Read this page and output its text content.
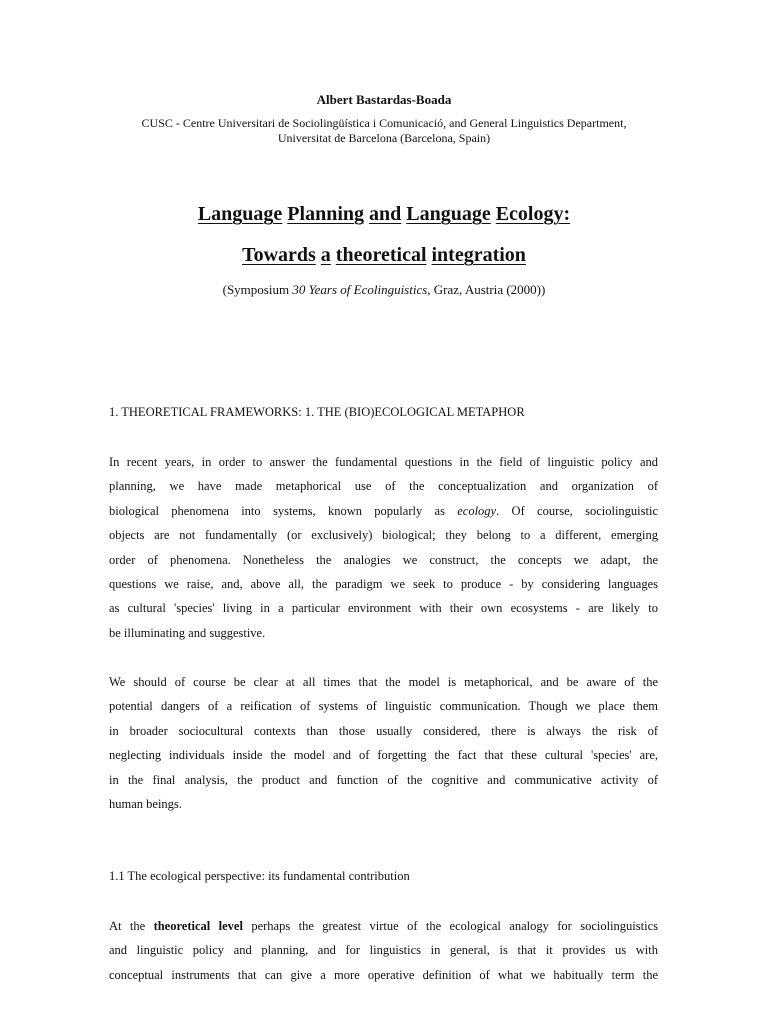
Albert Bastardas-Boada
CUSC - Centre Universitari de Sociolingüística i Comunicació, and General Linguistics Department,
Universitat de Barcelona (Barcelona, Spain)
Language Planning and Language Ecology:
Towards a theoretical integration
(Symposium 30 Years of Ecolinguistics, Graz, Austria (2000))
1. THEORETICAL FRAMEWORKS: 1. THE (BIO)ECOLOGICAL METAPHOR
In recent years, in order to answer the fundamental questions in the field of linguistic policy and
planning, we have made metaphorical use of the conceptualization and organization of
biological phenomena into systems, known popularly as ecology. Of course, sociolinguistic
objects are not fundamentally (or exclusively) biological; they belong to a different, emerging
order of phenomena. Nonetheless the analogies we construct, the concepts we adapt, the
questions we raise, and, above all, the paradigm we seek to produce - by considering languages
as cultural 'species' living in a particular environment with their own ecosystems - are likely to
be illuminating and suggestive.
We should of course be clear at all times that the model is metaphorical, and be aware of the
potential dangers of a reification of systems of linguistic communication. Though we place them
in broader sociocultural contexts than those usually considered, there is always the risk of
neglecting individuals inside the model and of forgetting the fact that these cultural 'species' are,
in the final analysis, the product and function of the cognitive and communicative activity of
human beings.
1.1 The ecological perspective: its fundamental contribution
At the theoretical level perhaps the greatest virtue of the ecological analogy for sociolinguistics
and linguistic policy and planning, and for linguistics in general, is that it provides us with
conceptual instruments that can give a more operative definition of what we habitually term the
